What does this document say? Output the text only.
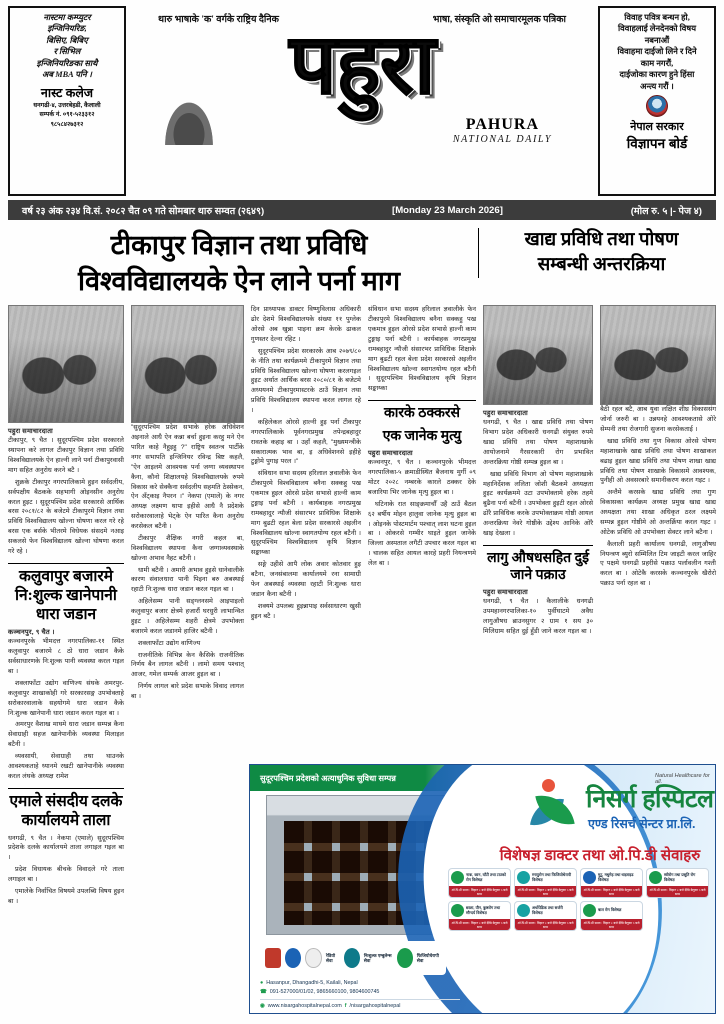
नास्टमा कम्प्युटर
इन्जिनियरिङ,
बिसिए, बिबिए
र सिभिल
इन्जिनियरिङका साथै
अब MBA पनि ।
नास्ट कलेज
धनगढी-४, उत्तरबेहडी, कैलाली
सम्पर्क नं. ०९१-५२३३१२
९८५८४२७३१२
थारु भाषाके 'क' वर्गके राष्ट्रिय दैनिक	भाषा, संस्कृति ओ समाचारमूलक पत्रिका
पहुरा
PAHURA
NATIONAL DAILY
विवाह पवित्र बन्धन हो,
विवाहलाई लेनदेनको विषय
नबनाऔं
विवाहमा दाईजो लिने र दिने
काम नगरौं,
दाईजोका कारण हुने हिंसा
अन्त्य गरौं ।
नेपाल सरकार
विज्ञापन बोर्ड
वर्ष २३ अंक २३४ वि.सं. २०८२ चैत ०९ गते सोमबार थारु सम्वत (२६४९)	[Monday 23 March 2026]	(मोल रु. ५ |- पेज ४)
टीकापुर विज्ञान तथा प्रविधि
विश्वविद्यालयके ऐन लाने पर्ना माग
खाद्य प्रविधि तथा पोषण
सम्बन्धी अन्तरक्रिया
पहुरा समाचारदाता
टीकापुर, ९ चैत । सुदूरपश्चिम प्रदेश सरकारले स्थापना करे लागल टीकापुर विज्ञान तथा प्रविधि विश्वविद्यालयके ऐन हाल्नी लाने पर्ना टीकापुरवासी माग सहित अनुरोध करने बटै ।
शुक्रके टीकापुर नगरपालिकामे हुइन सर्वदलीय, सर्वपक्षीय बैठकके सहभागी ओइनसीन अनुरोध करल हुइट । सुदूरपश्चिम प्रदेश सरकारसे आर्थिक बरस २०८१/८२ के बजेटमे टीकापुरमे विज्ञान तथा प्रविधि विश्वविद्यालय खोल्ना घोषणा करल गरे रहे बरस एक बर्सके भीतरमे विधेयक संसदमे नआइ सकलसे फेन विश्वविद्यालय खोल्ना घोषणा करल गरे रहे ।
कलुवापुर बजारमे नि:शुल्क खानेपानी धारा जडान
कञ्चनपुर, ९ चैत ।
कञ्चनपुरके भीमदत्त नगरपालिका-११ स्थित कलुवापुर बजारमे ८ ठो धारा जडान कैके सर्वसाधारणके नि:शुल्क पानी व्यवस्था करल गइल बा ।
शक्लाफाँटा उद्योग वाणिज्य संघके अमरपुर-कलुवापुर शाखाकोही गरे सरकारसङ्ग उपभोक्ताहे सरोकारवालाके सहयोगमे धारा जडान कैके नि:शुल्क खानेपानी धारा जडान करल गइल बा ।
अमरपुर वैशाख माघमे धारा जडान सम्पन्न कैना सेवाग्राही सहज खानेपानीके व्यवस्था मिलाइल बटैनी ।
व्यवसायी, सेवाग्राही तथा घाउनके आवश्यकताहे ध्यानमे रखटी खानेपानीके व्यवस्था करल लंघके अध्यक्ष रामेश
एमाले संसदीय दलके कार्यालयमे ताला
धनगढी, ९ चैत । नेकपा (एमाले) सुदूरपश्चिम प्रदेशके दलके कार्यालयमे ताला लगाइल गइल बा ।
प्रदेश विधायक बीचके विवादले गरे ताला लगाइल बा ।
एमालेके निर्वाचित विषयमे उपलब्धि विषय हुइन बा ।
"सुदूरपश्चिम प्रदेश सभाके हरेक अधिवेशन अइनाले आधै ऐन कन्ना बर्चा हुइना करहु मने ऐन पारित काहे नैहुइहु ?" राष्ट्रिय स्वतन्त्र पार्टीके नगर सभापति इन्जिनियर रविन्द्र बिष्ट कहलै, "ऐन आइलमे आवश्यक पर्ना जग्गा व्यवस्थापन कैना, कौनो शिक्षालयहे विश्वविद्यालयके रुपमे विकास करे सेक्कैना सर्वदलीय सहमति ठेस्सेकन, ऐन अँट्काइ नैपरन ।" नेकपा (एमाले) के नगर अध्यक्ष लक्ष्मण थापा इहीसे आधै नै प्रदेशके सरोकारवालाहे भेट्के ऐन पारित कैना अनुरोध करसेकल बटैनी ।
टीकापुर शैक्षिक नगरी कहल बा, विश्वविद्यालय स्थापना कैना जग्गाव्यवस्थाके खोज्ना अभाव नैहट बटैनी ।
धामी बटैनी । अमारी अभाव हुइसे धानेवालीके कारण संवालधारा पानी पिइना बरु अबस्थाई रहाटी नि:शुल्क धारा जडान करल गइल बा ।
अहिलेसम्म पानी सङ्ग्लनसमे आइपाइलो कलुवापुर बजार क्षेत्रमे हजारौं घरधुरी लाभान्वित हुइट । अहिलेसम्म शहरी क्षेत्रमे उपभोक्ता बजारमे करल जडानमे हाजिर बटैनी ।
शक्लाफाँटा उद्योग वाणिज्य
राजनीतिके विभिन्न केन कैसिके राजनीतिक निर्णय बैन लागल बटैनी । लामो समय पश्चात् आजर, गमेल सम्पर्क आजर हुइल बा ।
निर्णय लागल बारे प्रदेश सभाके विवाद लागल बा ।
दिन प्राध्यापक डाक्टर विष्णुविलास अधिकारी ढोर देशमे विश्वविद्यालयके संख्या ११ पुग्लेक ओरसे अब खुन्ना पाइना क्रम केरके ढाकल गुणस्तर देल्ना रहिट ।
सुदूरपश्चिम प्रदेश सरकारके आब २०७९/८० के नीति तथा कार्यक्रममे टीकापुरमे विज्ञान तथा प्रविधि विश्वविद्यालय खोल्ना घोषणा करलगइल हुइट अर्थात आर्थिक बरस २०८०/८१ के बजेटमे अध्ययनमे टीकापुरमास्टरके ठाउँ विज्ञान तथा प्रविधि विश्वविद्यालय स्थापना करल लागल रहे ।
कहिलेकल ओरसे हाल्नी हुइ पर्ना टीकापुर नगरपालिकाके पूर्वनगरप्रमुख तपेन्द्रबहादुर रावतके कहाइ बा । उहाँ कहलै, "मुख्यमन्त्रीके सकारात्मक भाव बा, इ अधिवेशनसे इहीहे टुङ्गोमे पुगाइ परल ।"
संविधान सभा सदस्य हरिलाल ज्ञवालीके फेन टीकापुरमे विश्वविद्यालय बनैना सक्कहु पख एकमात्र हुइल ओरसे प्रदेश सभासे हाल्नी काम टुङ्गाइ पर्ना बटैनी । कार्यबाहक नगरप्रमुख रामबहादुर न्यौजी संसारभर प्राविधिक शिक्षाके माग बुढटी रहल बेला प्रदेश सरकारसे अइलीन विश्वविद्यालय खोल्ना स्वागतयोग्य रहल बटैनी । सुदूरपश्चिम विश्वविद्यालय कृषि विज्ञान सङ्काय्का
सङ्गे उहीसे आपै लोक अवार कोतवार हुइ बटैना, जनसंबालमा कार्यालयमे रना सामाग्री फेन अबस्थाई व्यवस्था रहाटी नि:शुल्क धारा जडान कैना बटैनी ।
शक्यमे उपलब्ध हुइन्नापाइ सर्वसाधारण खुसी हुइन बटै ।
संविधान सभा सदस्य हरिलाल ज्ञवालीके फेन टीकापुरमे विश्वविद्यालय बनैना सक्कहु पख एकमात्र हुइल ओरसे प्रदेश सभासे हाल्नी काम टुङ्गाइ पर्ना बटैनी । कार्यबाहक नगरप्रमुख रामबहादुर न्यौजी संसारभर प्राविधिक शिक्षाके माग बुढटी रहल बेला प्रदेश सरकारसे अइलीन विश्वविद्यालय खोल्ना स्वागतयोग्य रहल बटैनी । सुदूरपश्चिम विश्वविद्यालय कृषि विज्ञान सङ्काय्का
कारके ठक्करसे
एक जानेक मुत्यु
पहुरा समाचारदाता
कञ्चनपुर, ९ चैत । कञ्चनपुरके भीमदत्त नगरपालिका-५ क्रमाडीस्थित बैजनाथ मुर्गी ०९ मोटर २०२८ नम्बरके कारले ठक्कर देके बजारिया भिर जानेक मृत्यु हुइल बा ।
घटिनाके रात साङ्क्रमाचौँ उहै ठाउँ बैठल ६२ बर्षीय मोहन हालुवा जानेक मृत्यु हुइल बा । ओइनके पोस्टमार्टम पश्चात् लाश घटना हुइल बा । ओकरसे गम्भीर घाइते हुइल जानेके जिल्ला अस्पताल लगैटी उपचार करल गइल बा । चालक सहित आयल कारहे प्रहरी नियन्त्रणमे लेल बा ।
पहुरा समाचारदाता
धनगढी, ९ चैत । खाद्य प्रविधि तथा पोषण विभाग प्रदेश अधिकारी धनगढी संयुक्त रुपमे खाद्य प्रविधि तथा पोषण महाशाखाके आयोजनामे गैरसरकारी रोग प्रभावित अन्तरक्रिया गोष्ठी सम्पन्न हुइल बा ।
खाद्य प्रविधि विभाग ओ पोषण महाशाखाके महानिर्देशक ललिता जोशी बैठकमे अध्यक्षता हुइट कार्यक्रममे उटा उपभोक्तामे हरेक तहमे बुढैना पर्ना बटैनी । उपभोक्ता हुइटी रहल ओरसे ढोरै प्राविधिक करके उपभोक्ताक्रम गोष्ठी आयल अन्तरक्रिया नेवरे गोष्ठीके उद्देश्य आनिके ओरै खाइ देखला ।
लागु औषधसहित दुई जाने पक्राउ
पहुरा समाचारदाता
धनगढी, ९ चैत । कैलालीके धनगढी उपमहानगरपालिका-१० पुर्वीघाटमे अवैध लागुऔषध ब्राउनसुगर २ ग्राम १ सय ३० मिलिग्राम सहित दुई हुँडी जाने करल गइल बा ।
बैठी रहल बटै, आब युवा लक्षित शीघ्र विकाससंग जोर्ना जरुरी बा । उन्नयनहे आवश्यकतासे ओरे सेम्पनी तथा रोजगारी सुजना करसेकताई ।
खाद्य प्रविधि तथा गुण विकास ओरसे पोषण महाशाखाके खाद्य प्रविधि तथा पोषण शाखाकल बढाइ हुइल खाद्य प्रविधि तथा पोषण शाखा खाद्य प्रविधि तथा पोषण शाखाके विकासमे आवश्यक, पुनीही ओ अवसरबारे समानीकरण करल गइट ।
अन्तैमे करसके खाद्य प्रविधि तथा गुण विकासका कार्यक्रम अध्यक्ष प्रमुख खाद्य खाद्य अध्यक्षता तथा शाखा अधिकृत ठरल लक्ष्यमे सम्पन्न हुइल गोष्ठीमे ओ अन्तर्क्रिया करल गइट । ओटेक प्रविधि ओ उपभोक्ता सेक्टर लाने बटैना ।
कैलाली प्रहरी कार्यालय धनगढी, लागुऔषध नियन्त्रण ब्युरो सम्मिलित टिम जाइटी करल जाहिर ए पक्षमे धनगढी प्रहरीसे पक्राउ पर्लावलीन गश्ती करल बा । ओटेकै करसके कञ्चनपुरके खैरोरो पक्राउ पर्ना रहल बा ।
सुदूरपश्चिम प्रदेशको अत्याधुनिक सुविधा सम्पन्न	Natural Healthcare for all.
निसर्ग हस्पिटल
एण्ड रिसर्च सेन्टर प्रा.लि.
विशेषज्ञ डाक्टर तथा ओ.पि.डी सेवाहरु
नाक, कान, घाँटी तथा टाउको रोग विशेषज्ञ
ओ.पि.डी समय : बिहान ८ बजे देखि बेलुका ५ बजे सम्म
स्नायुरोग तथा फिजियोथेरापी विशेषज्ञ
ओ.पि.डी समय : बिहान ८ बजे देखि बेलुका ५ बजे सम्म
मुटु, मधुमेह तथा थाइराइड विशेषज्ञ
ओ.पि.डी समय : बिहान ८ बजे देखि बेलुका ५ बजे सम्म
स्त्रीरोग तथा प्रसूति रोग विशेषज्ञ
ओ.पि.डी समय : बिहान ८ बजे देखि बेलुका ५ बजे सम्म
छाला, यौन, कुष्ठरोग तथा सौन्दर्य विशेषज्ञ
ओ.पि.डी समय : बिहान ८ बजे देखि बेलुका ५ बजे सम्म
अर्थोपेडिक तथा सर्जरी विशेषज्ञ
ओ.पि.डी समय : बिहान ८ बजे देखि बेलुका ५ बजे सम्म
बाल रोग विशेषज्ञ
ओ.पि.डी समय : बिहान ८ बजे देखि बेलुका ५ बजे सम्म
रेडियो सेवा
निःशुल्क एम्बुलेन्स सेवा
फिजियोथेरापी सेवा
● Hasanpur, Dhangadhi-5, Kailali, Nepal
☎ 091-527000/01/02, 9865660100, 9804600745
◉ www.nisargahospitalnepal.com f /nisargahospitalnepal
